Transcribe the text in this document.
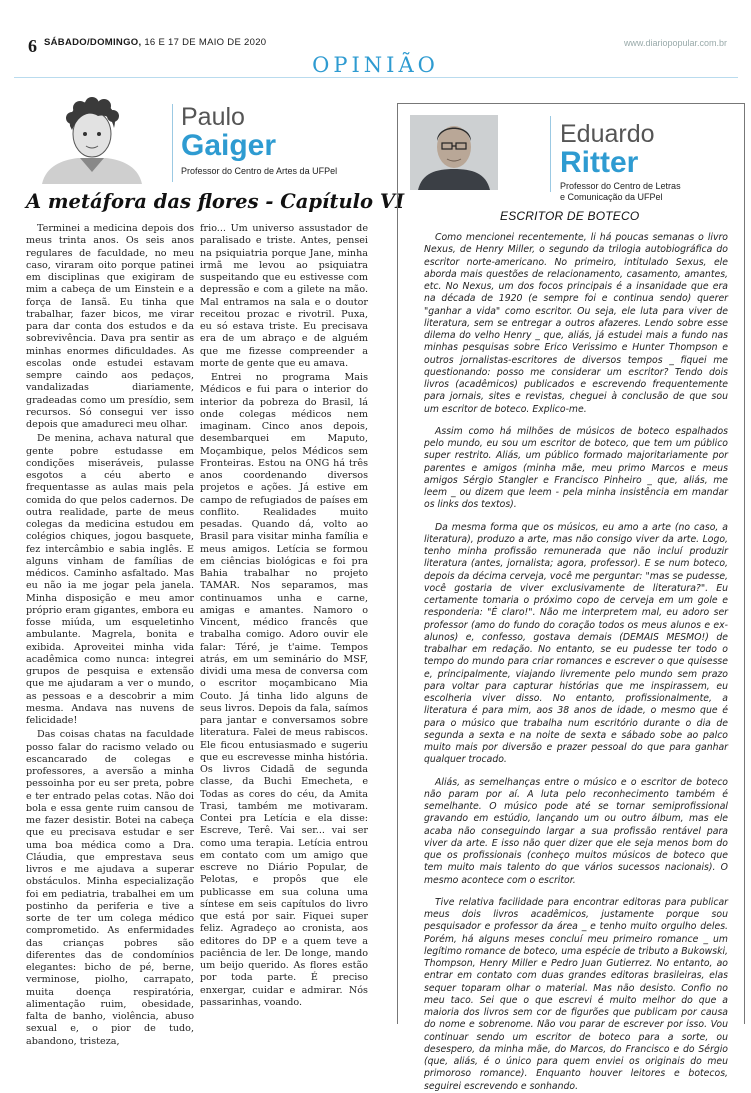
6 SÁBADO/DOMINGO, 16 E 17 DE MAIO DE 2020	www.diariopopular.com.br
OPINIÃO
Paulo
Gaiger
Professor do Centro de Artes da UFPel
A metáfora das flores - Capítulo VI

Terminei a medicina depois dos meus trinta anos. Os seis anos regulares de faculdade, no meu caso, viraram oito porque patinei em disciplinas que exigiram de mim a cabeça de um Einstein e a força de Iansã. Eu tinha que trabalhar, fazer bicos, me virar para dar conta dos estudos e da sobrevivência. Dava pra sentir as minhas enormes dificuldades. As escolas onde estudei estavam sempre caindo aos pedaços, vandalizadas diariamente, gradeadas como um presídio, sem recursos. Só consegui ver isso depois que amadureci meu olhar.

De menina, achava natural que gente pobre estudasse em condições miseráveis, pulasse esgotos a céu aberto e frequentasse as aulas mais pela comida do que pelos cadernos. De outra realidade, parte de meus colegas da medicina estudou em colégios chiques, jogou basquete, fez intercâmbio e sabia inglês. E alguns vinham de famílias de médicos. Caminho asfaltado. Mas eu não ia me jogar pela janela. Minha disposição e meu amor próprio eram gigantes, embora eu fosse miúda, um esqueletinho ambulante. Magrela, bonita e exibida. Aproveitei minha vida acadêmica como nunca: integrei grupos de pesquisa e extensão que me ajudaram a ver o mundo, as pessoas e a descobrir a mim mesma. Andava nas nuvens de felicidade!

Das coisas chatas na faculdade posso falar do racismo velado ou escancarado de colegas e professores, a aversão a minha pessoinha por eu ser preta, pobre e ter entrado pelas cotas. Não doi bola e essa gente ruim cansou de me fazer desistir. Botei na cabeça que eu precisava estudar e ser uma boa médica como a Dra. Cláudia, que emprestava seus livros e me ajudava a superar obstáculos. Minha especialização foi em pediatria, trabalhei em um postinho da periferia e tive a sorte de ter um colega médico comprometido. As enfermidades das crianças pobres são diferentes das de condomínios elegantes: bicho de pé, berne, verminose, piolho, carrapato, muita doença respiratória, alimentação ruim, obesidade, falta de banho, violência, abuso sexual e, o pior de tudo, abandono, tristeza,

frio... Um universo assustador de paralisado e triste. Antes, pensei na psiquiatria porque Jane, minha irmã me levou ao psiquiatra suspeitando que eu estivesse com depressão e com a gilete na mão. Mal entramos na sala e o doutor receitou prozac e rivotril. Puxa, eu só estava triste. Eu precisava era de um abraço e de alguém que me fizesse compreender a morte de gente que eu amava.

Entrei no programa Mais Médicos e fui para o interior do interior da pobreza do Brasil, lá onde colegas médicos nem imaginam. Cinco anos depois, desembarquei em Maputo, Moçambique, pelos Médicos sem Fronteiras. Estou na ONG há três anos coordenando diversos projetos e ações. Já estive em campo de refugiados de países em conflito. Realidades muito pesadas. Quando dá, volto ao Brasil para visitar minha família e meus amigos. Letícia se formou em ciências biológicas e foi pra Bahia trabalhar no projeto TAMAR. Nos separamos, mas continuamos unha e carne, amigas e amantes. Namoro o Vincent, médico francês que trabalha comigo. Adoro ouvir ele falar: Téré, je t'aime. Tempos atrás, em um seminário do MSF, dividi uma mesa de conversa com o escritor moçambicano Mia Couto. Já tinha lido alguns de seus livros. Depois da fala, saímos para jantar e conversamos sobre literatura. Falei de meus rabiscos. Ele ficou entusiasmado e sugeriu que eu escrevesse minha história. Os livros Cidadã de segunda classe, da Buchi Emecheta, e Todas as cores do céu, da Amita Trasi, também me motivaram. Contei pra Letícia e ela disse: Escreve, Terê. Vai ser... vai ser como uma terapia. Letícia entrou em contato com um amigo que escreve no Diário Popular, de Pelotas, e propôs que ele publicasse em sua coluna uma síntese em seis capítulos do livro que está por sair. Fiquei super feliz. Agradeço ao cronista, aos editores do DP e a quem teve a paciência de ler. De longe, mando um beijo querido. As flores estão por toda parte. É preciso enxergar, cuidar e admirar. Nós passarinhas, voando.

Eduardo
Ritter
Professor do Centro de Letras
e Comunicação da UFPel
ESCRITOR DE BOTECO

Como mencionei recentemente, li há poucas semanas o livro Nexus, de Henry Miller, o segundo da trilogia autobiográfica do escritor norte-americano. No primeiro, intitulado Sexus, ele aborda mais questões de relacionamento, casamento, amantes, etc. No Nexus, um dos focos principais é a insanidade que era na década de 1920 (e sempre foi e continua sendo) querer "ganhar a vida" como escritor. Ou seja, ele luta para viver de literatura, sem se entregar a outros afazeres. Lendo sobre esse dilema do velho Henry _ que, aliás, já estudei mais a fundo nas minhas pesquisas sobre Erico Verissimo e Hunter Thompson e outros jornalistas-escritores de diversos tempos _ fiquei me questionando: posso me considerar um escritor? Tendo dois livros (acadêmicos) publicados e escrevendo frequentemente para jornais, sites e revistas, cheguei à conclusão de que sou um escritor de boteco. Explico-me.

Assim como há milhões de músicos de boteco espalhados pelo mundo, eu sou um escritor de boteco, que tem um público super restrito. Aliás, um público formado majoritariamente por parentes e amigos (minha mãe, meu primo Marcos e meus amigos Sérgio Stangler e Francisco Pinheiro _ que, aliás, me leem _ ou dizem que leem - pela minha insistência em mandar os links dos textos).

Da mesma forma que os músicos, eu amo a arte (no caso, a literatura), produzo a arte, mas não consigo viver da arte. Logo, tenho minha profissão remunerada que não incluí produzir literatura (antes, jornalista; agora, professor). E se num boteco, depois da décima cerveja, você me perguntar: "mas se pudesse, você gostaria de viver exclusivamente de literatura?". Eu certamente tomaria o próximo copo de cerveja em um gole e responderia: "É claro!". Não me interpretem mal, eu adoro ser professor (amo do fundo do coração todos os meus alunos e ex-alunos) e, confesso, gostava demais (DEMAIS MESMO!) de trabalhar em redação. No entanto, se eu pudesse ter todo o tempo do mundo para criar romances e escrever o que quisesse e, principalmente, viajando livremente pelo mundo sem prazo para voltar para capturar histórias que me inspirassem, eu escolheria viver disso. No entanto, profissionalmente, a literatura é para mim, aos 38 anos de idade, o mesmo que é para o músico que trabalha num escritório durante o dia de segunda a sexta e na noite de sexta e sábado sobe ao palco muito mais por diversão e prazer pessoal do que para ganhar qualquer trocado.

Aliás, as semelhanças entre o músico e o escritor de boteco não param por aí. A luta pelo reconhecimento também é semelhante. O músico pode até se tornar semiprofissional gravando em estúdio, lançando um ou outro álbum, mas ele acaba não conseguindo largar a sua profissão rentável para viver da arte. E isso não quer dizer que ele seja menos bom do que os profissionais (conheço muitos músicos de boteco que tem muito mais talento do que vários sucessos nacionais). O mesmo acontece com o escritor.

Tive relativa facilidade para encontrar editoras para publicar meus dois livros acadêmicos, justamente porque sou pesquisador e professor da área _ e tenho muito orgulho deles. Porém, há alguns meses concluí meu primeiro romance _ um legítimo romance de boteco, uma espécie de tributo a Bukowski, Thompson, Henry Miller e Pedro Juan Gutierrez. No entanto, ao entrar em contato com duas grandes editoras brasileiras, elas sequer toparam olhar o material. Mas não desisto. Confio no meu taco. Sei que o que escrevi é muito melhor do que a maioria dos livros sem cor de figurões que publicam por causa do nome e sobrenome. Não vou parar de escrever por isso. Vou continuar sendo um escritor de boteco para a sorte, ou desespero, da minha mãe, do Marcos, do Francisco e do Sérgio (que, aliás, é o único para quem enviei os originais do meu primoroso romance). Enquanto houver leitores e botecos, seguirei escrevendo e sonhando.
